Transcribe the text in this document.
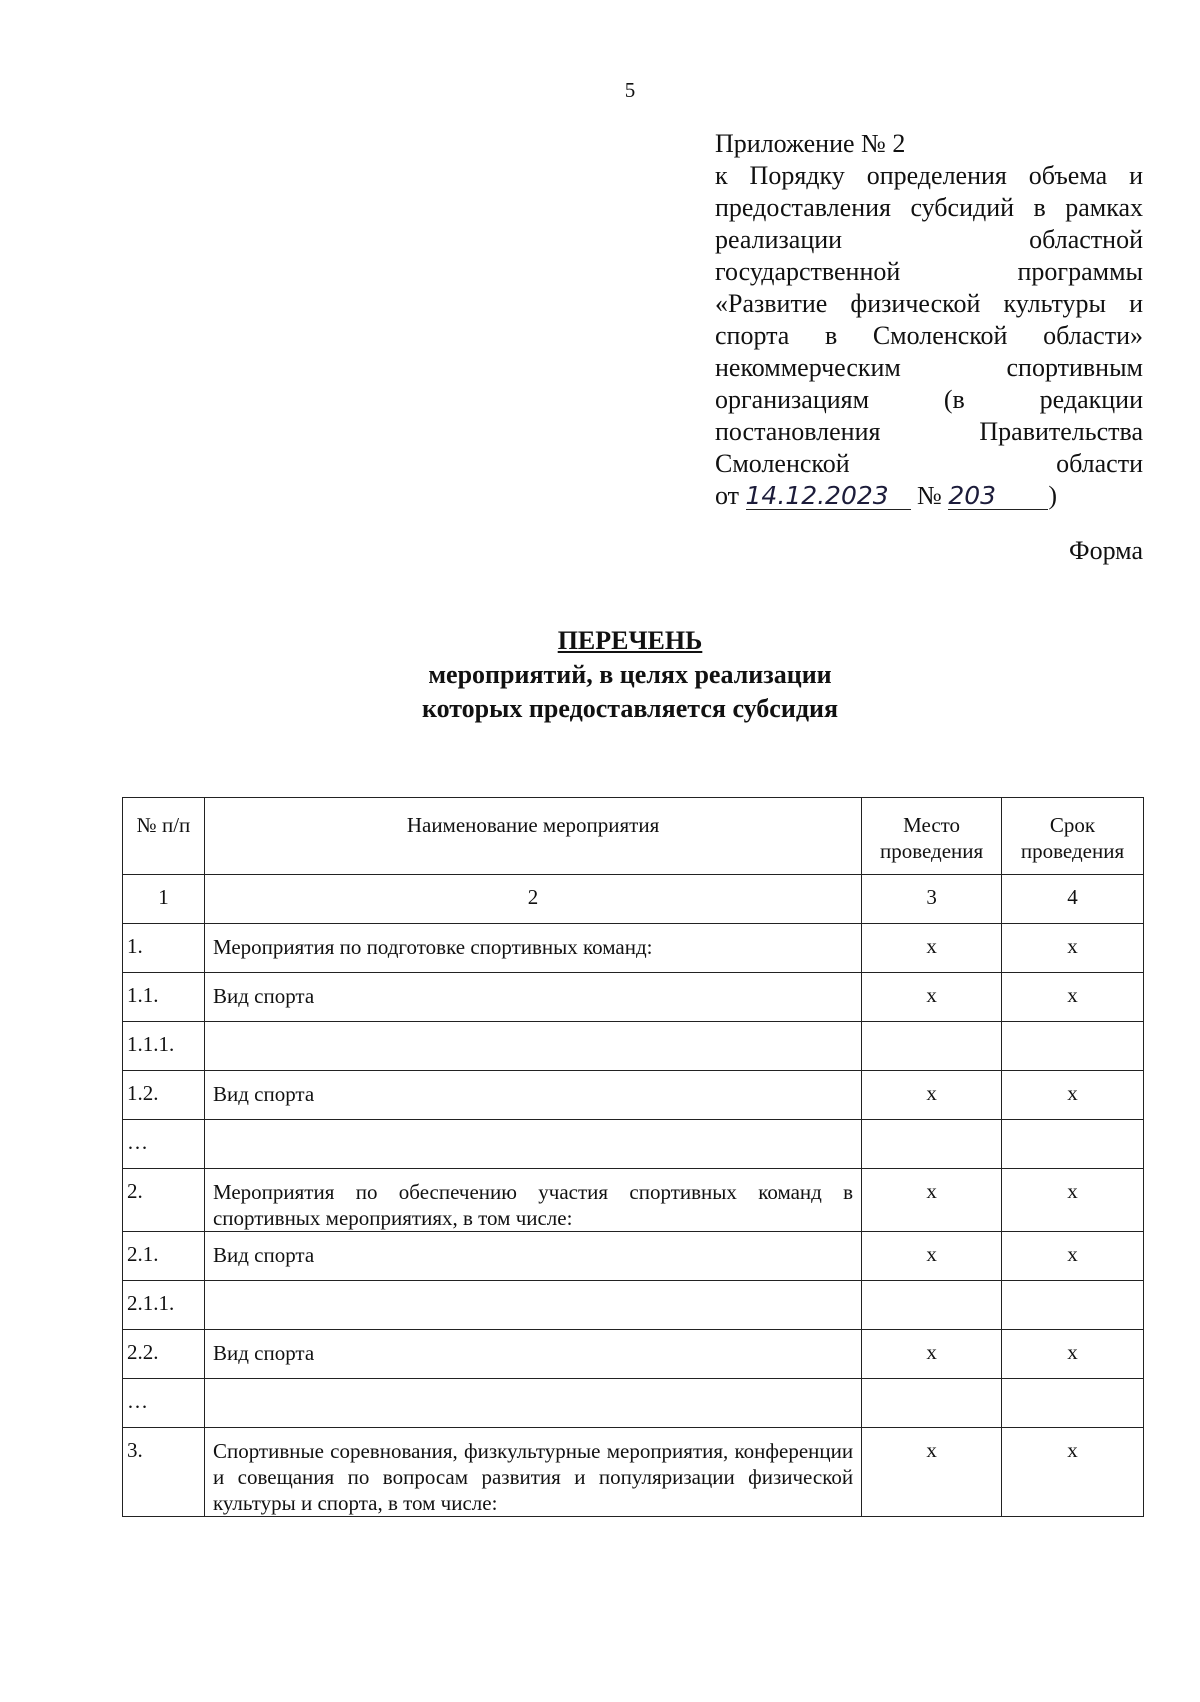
5
Приложение № 2
к Порядку определения объема и
предоставления субсидий в рамках
реализации областной
государственной программы
«Развитие физической культуры и
спорта в Смоленской области»
некоммерческим спортивным
организациям (в редакции
постановления Правительства
Смоленской области
от 14.12.2023 № 203 )
Форма
ПЕРЕЧЕНЬ
мероприятий, в целях реализации
которых предоставляется субсидия
№ п/п	Наименование мероприятия	Место проведения	Срок проведения
1	2	3	4
1.	Мероприятия по подготовке спортивных команд:	x	x
1.1.	Вид спорта	x	x
1.1.1.			
1.2.	Вид спорта	x	x
…			
2.	Мероприятия по обеспечению участия спортивных команд в спортивных мероприятиях, в том числе:	x	x
2.1.	Вид спорта	x	x
2.1.1.			
2.2.	Вид спорта	x	x
…			
3.	Спортивные соревнования, физкультурные мероприятия, конференции и совещания по вопросам развития и популяризации физической культуры и спорта, в том числе:	x	x
